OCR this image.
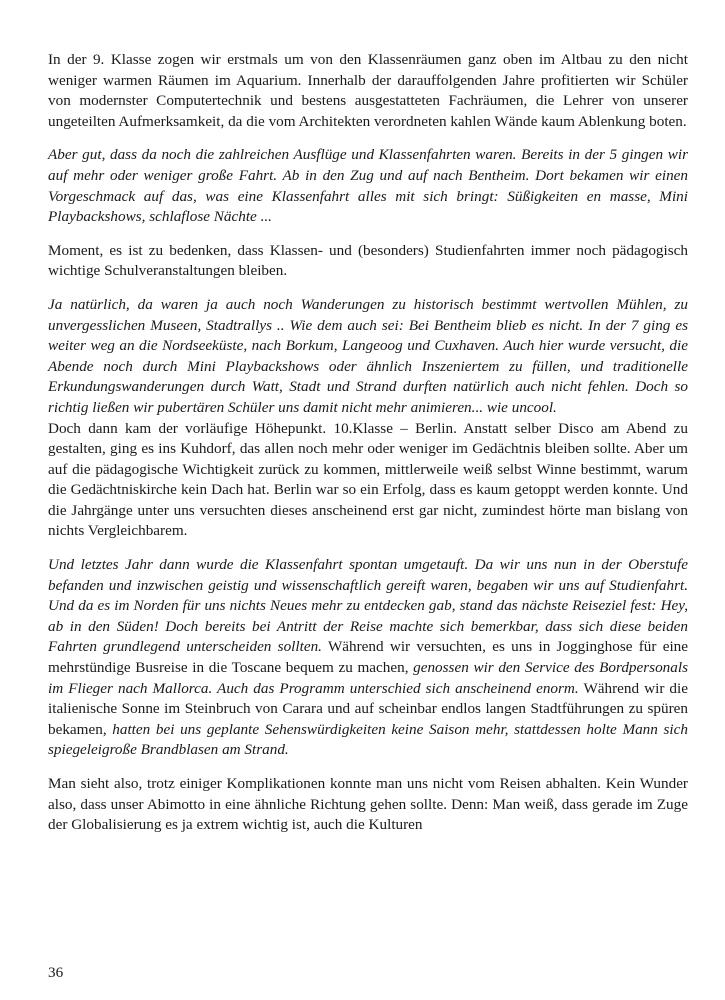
In der 9. Klasse zogen wir erstmals um von den Klassenräumen ganz oben im Altbau zu den nicht weniger warmen Räumen im Aquarium. Innerhalb der darauffolgenden Jahre profitierten wir Schüler von modernster Computertechnik und bestens ausgestatteten Fachräumen, die Lehrer von unserer ungeteilten Aufmerksamkeit, da die vom Architekten verordneten kahlen Wände kaum Ablenkung boten.

Aber gut, dass da noch die zahlreichen Ausflüge und Klassenfahrten waren. Bereits in der 5 gingen wir auf mehr oder weniger große Fahrt. Ab in den Zug und auf nach Bentheim. Dort bekamen wir einen Vorgeschmack auf das, was eine Klassenfahrt alles mit sich bringt: Süßigkeiten en masse, Mini Playbackshows, schlaflose Nächte ...

Moment, es ist zu bedenken, dass Klassen- und (besonders) Studienfahrten immer noch pädagogisch wichtige Schulveranstaltungen bleiben.

Ja natürlich, da waren ja auch noch Wanderungen zu historisch bestimmt wertvollen Mühlen, zu unvergesslichen Museen, Stadtrallys .. Wie dem auch sei: Bei Bentheim blieb es nicht. In der 7 ging es weiter weg an die Nordseeküste, nach Borkum, Langeoog und Cuxhaven. Auch hier wurde versucht, die Abende noch durch Mini Playbackshows oder ähnlich Inszeniertem zu füllen, und traditionelle Erkundungswanderungen durch Watt, Stadt und Strand durften natürlich auch nicht fehlen. Doch so richtig ließen wir pubertären Schüler uns damit nicht mehr animieren... wie uncool.

Doch dann kam der vorläufige Höhepunkt. 10.Klasse – Berlin. Anstatt selber Disco am Abend zu gestalten, ging es ins Kuhdorf, das allen noch mehr oder weniger im Gedächtnis bleiben sollte. Aber um auf die pädagogische Wichtigkeit zurück zu kommen, mittlerweile weiß selbst Winne bestimmt, warum die Gedächtniskirche kein Dach hat. Berlin war so ein Erfolg, dass es kaum getoppt werden konnte. Und die Jahrgänge unter uns versuchten dieses anscheinend erst gar nicht, zumindest hörte man bislang von nichts Vergleichbarem.

Und letztes Jahr dann wurde die Klassenfahrt spontan umgetauft. Da wir uns nun in der Oberstufe befanden und inzwischen geistig und wissenschaftlich gereift waren, begaben wir uns auf Studienfahrt. Und da es im Norden für uns nichts Neues mehr zu entdecken gab, stand das nächste Reiseziel fest: Hey, ab in den Süden! Doch bereits bei Antritt der Reise machte sich bemerkbar, dass sich diese beiden Fahrten grundlegend unterscheiden sollten. Während wir versuchten, es uns in Jogginghose für eine mehrstündige Busreise in die Toscane bequem zu machen, genossen wir den Service des Bordpersonals im Flieger nach Mallorca. Auch das Programm unterschied sich anscheinend enorm. Während wir die italienische Sonne im Steinbruch von Carara und auf scheinbar endlos langen Stadtführungen zu spüren bekamen, hatten bei uns geplante Sehenswürdigkeiten keine Saison mehr, stattdessen holte Mann sich spiegeleigroße Brandblasen am Strand.

Man sieht also, trotz einiger Komplikationen konnte man uns nicht vom Reisen abhalten. Kein Wunder also, dass unser Abimotto in eine ähnliche Richtung gehen sollte. Denn: Man weiß, dass gerade im Zuge der Globalisierung es ja extrem wichtig ist, auch die Kulturen

36
